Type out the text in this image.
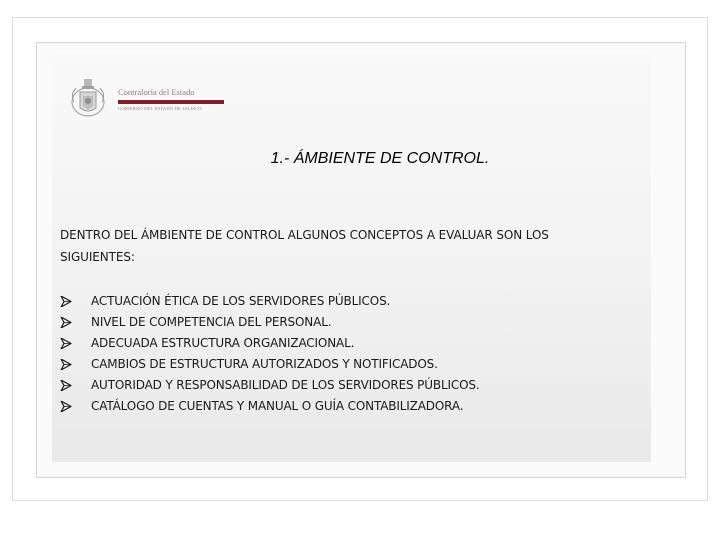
Contraloría del Estado
GOBIERNO DEL ESTADO DE JALISCO
1.- ÁMBIENTE DE CONTROL.
DENTRO DEL ÁMBIENTE DE CONTROL ALGUNOS CONCEPTOS A EVALUAR SON LOS SIGUIENTES:
ACTUACIÓN ÉTICA DE LOS SERVIDORES PÚBLICOS.
NIVEL DE COMPETENCIA DEL PERSONAL.
ADECUADA ESTRUCTURA ORGANIZACIONAL.
CAMBIOS DE ESTRUCTURA AUTORIZADOS Y NOTIFICADOS.
AUTORIDAD Y RESPONSABILIDAD DE LOS SERVIDORES PÚBLICOS.
CATÁLOGO DE CUENTAS Y MANUAL O GUÍA CONTABILIZADORA.
